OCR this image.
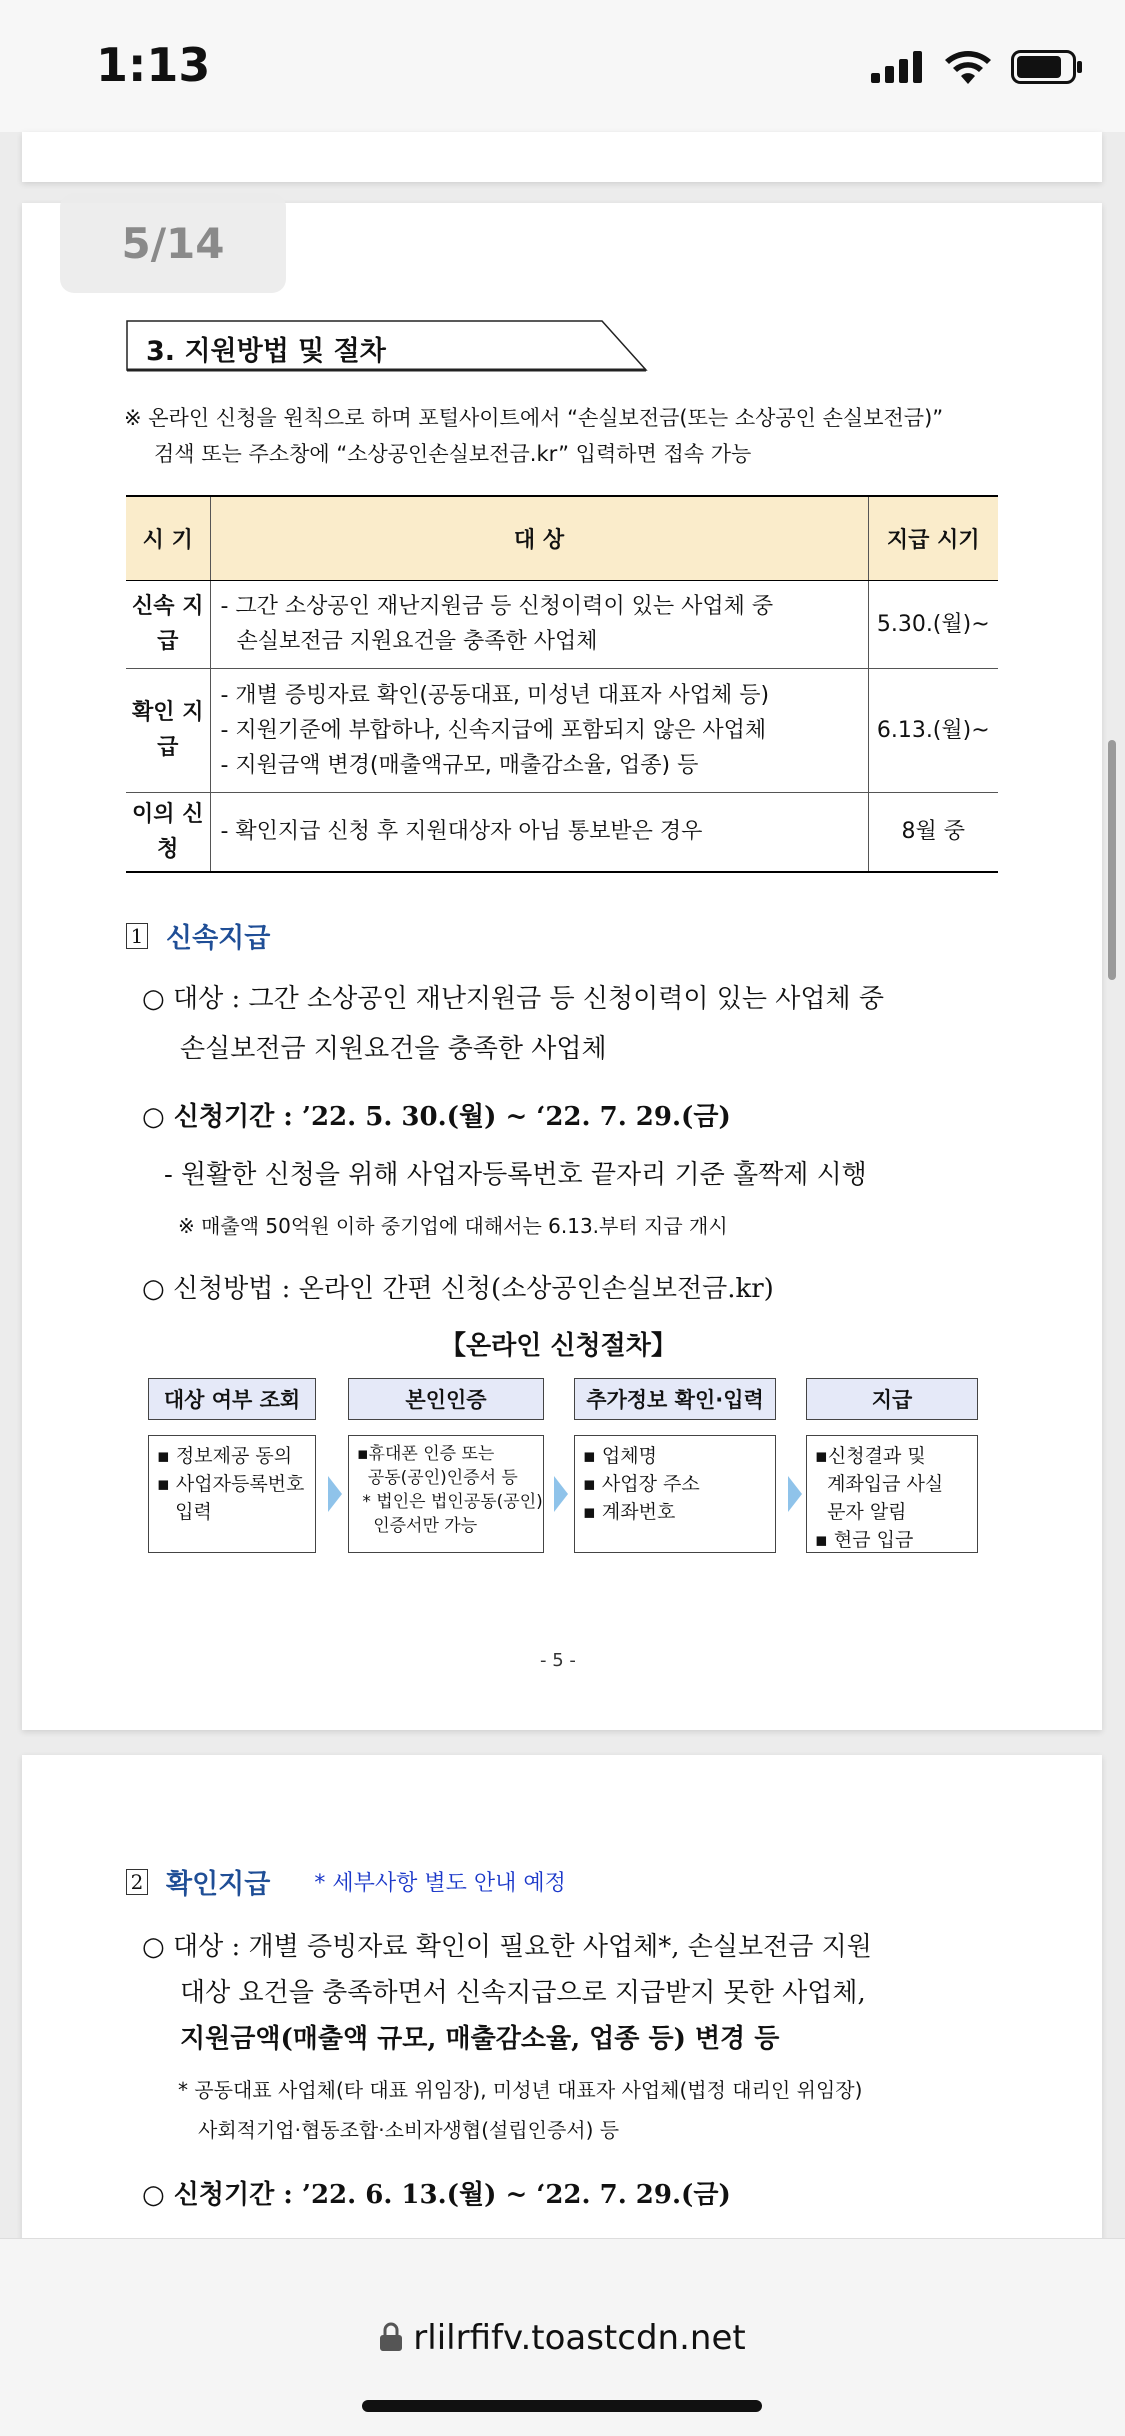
1:13
5/14
3. 지원방법 및 절차
※ 온라인 신청을 원칙으로 하며 포털사이트에서 “손실보전금(또는 소상공인 손실보전금)”
검색 또는 주소창에 “소상공인손실보전금.kr” 입력하면 접속 가능
시 기	대 상	지급 시기
신속 지급	- 그간 소상공인 재난지원금 등 신청이력이 있는 사업체 중
손실보전금 지원요건을 충족한 사업체	5.30.(월)~
확인 지급	- 개별 증빙자료 확인(공동대표, 미성년 대표자 사업체 등)
- 지원기준에 부합하나, 신속지급에 포함되지 않은 사업체
- 지원금액 변경(매출액규모, 매출감소율, 업종) 등	6.13.(월)~
이의 신청	- 확인지급 신청 후 지원대상자 아님 통보받은 경우	8월 중
1 신속지급
○ 대상 : 그간 소상공인 재난지원금 등 신청이력이 있는 사업체 중
손실보전금 지원요건을 충족한 사업체
○ 신청기간 : ’22. 5. 30.(월) ~ ‘22. 7. 29.(금)
- 원활한 신청을 위해 사업자등록번호 끝자리 기준 홀짝제 시행
※ 매출액 50억원 이하 중기업에 대해서는 6.13.부터 지급 개시
○ 신청방법 : 온라인 간편 신청(소상공인손실보전금.kr)
【온라인 신청절차】
대상 여부 조회
▪ 정보제공 동의
▪ 사업자등록번호
입력
본인인증
▪휴대폰 인증 또는
공동(공인)인증서 등
* 법인은 법인공동(공인)
인증서만 가능
추가정보 확인·입력
▪ 업체명
▪ 사업장 주소
▪ 계좌번호
지급
▪신청결과 및
계좌입금 사실
문자 알림
▪ 현금 입금
- 5 -
2 확인지급 * 세부사항 별도 안내 예정
○ 대상 : 개별 증빙자료 확인이 필요한 사업체*, 손실보전금 지원
대상 요건을 충족하면서 신속지급으로 지급받지 못한 사업체,
지원금액(매출액 규모, 매출감소율, 업종 등) 변경 등
* 공동대표 사업체(타 대표 위임장), 미성년 대표자 사업체(법정 대리인 위임장)
사회적기업·협동조합·소비자생협(설립인증서) 등
○ 신청기간 : ’22. 6. 13.(월) ~ ‘22. 7. 29.(금)
rlilrfifv.toastcdn.net
